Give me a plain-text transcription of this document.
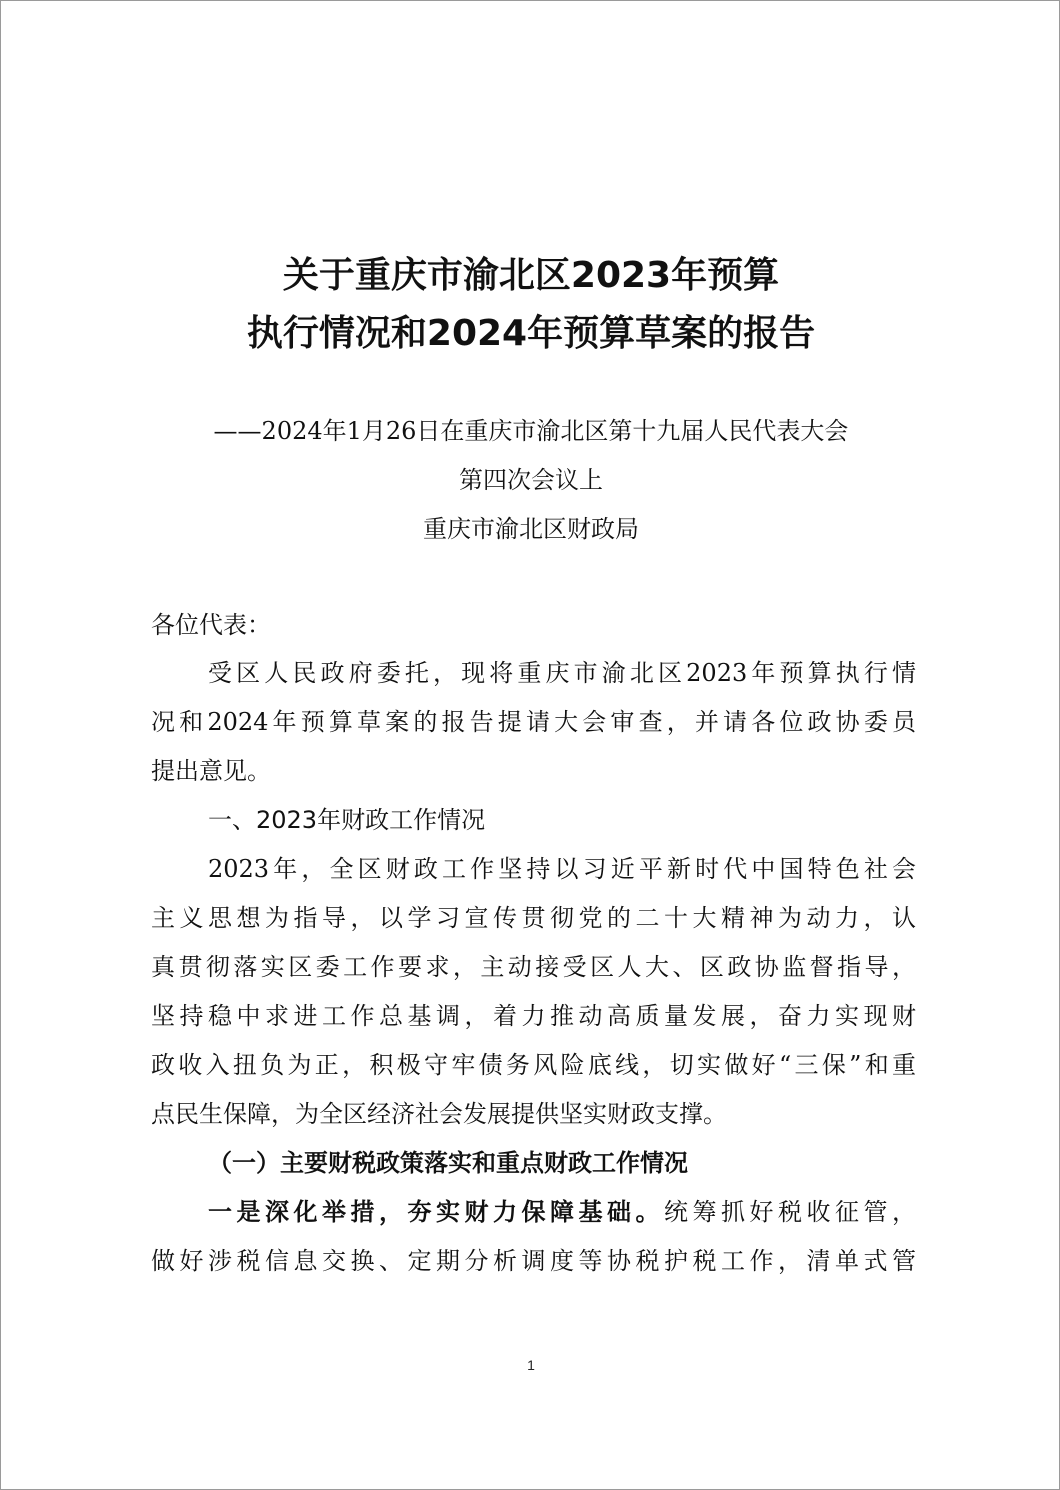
关于重庆市渝北区2023年预算
执行情况和2024年预算草案的报告
——2024年1月26日在重庆市渝北区第十九届人民代表大会
第四次会议上
重庆市渝北区财政局
各位代表：
受区人民政府委托，现将重庆市渝北区2023年预算执行情
况和2024年预算草案的报告提请大会审查，并请各位政协委员
提出意见。
一、2023年财政工作情况
2023年，全区财政工作坚持以习近平新时代中国特色社会
主义思想为指导，以学习宣传贯彻党的二十大精神为动力，认
真贯彻落实区委工作要求，主动接受区人大、区政协监督指导，
坚持稳中求进工作总基调，着力推动高质量发展，奋力实现财
政收入扭负为正，积极守牢债务风险底线，切实做好“三保”和重
点民生保障，为全区经济社会发展提供坚实财政支撑。
（一）主要财税政策落实和重点财政工作情况
一是深化举措，夯实财力保障基础。统筹抓好税收征管，
做好涉税信息交换、定期分析调度等协税护税工作，清单式管
1
